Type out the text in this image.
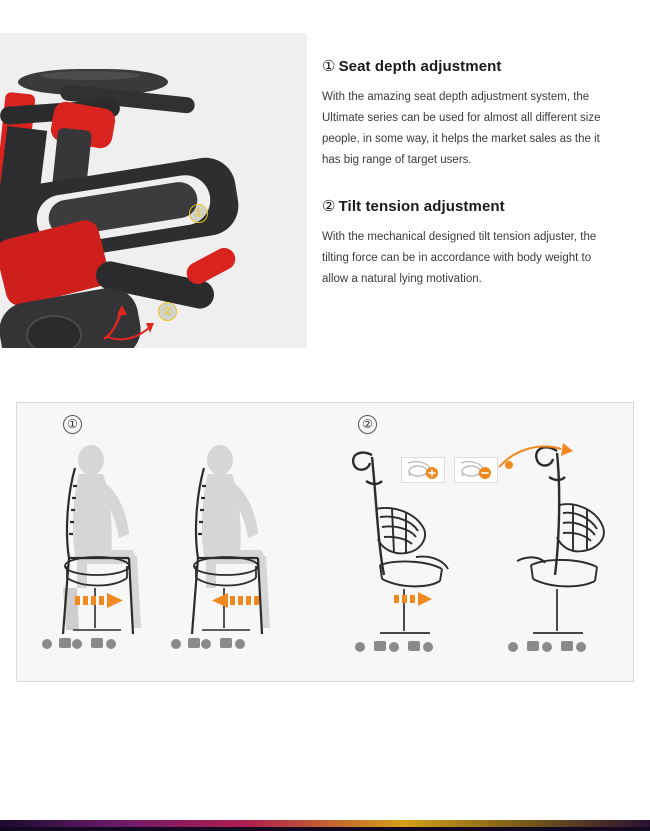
①
②
① Seat depth adjustment

With the amazing seat depth adjustment system, the Ultimate series can be used for almost all different size people, in some way, it helps the market sales as the it has big range of target users.

② Tilt tension adjustment

With the mechanical designed tilt tension adjuster, the tilting force can be in accordance with body weight to allow a natural lying motivation.

①	②
